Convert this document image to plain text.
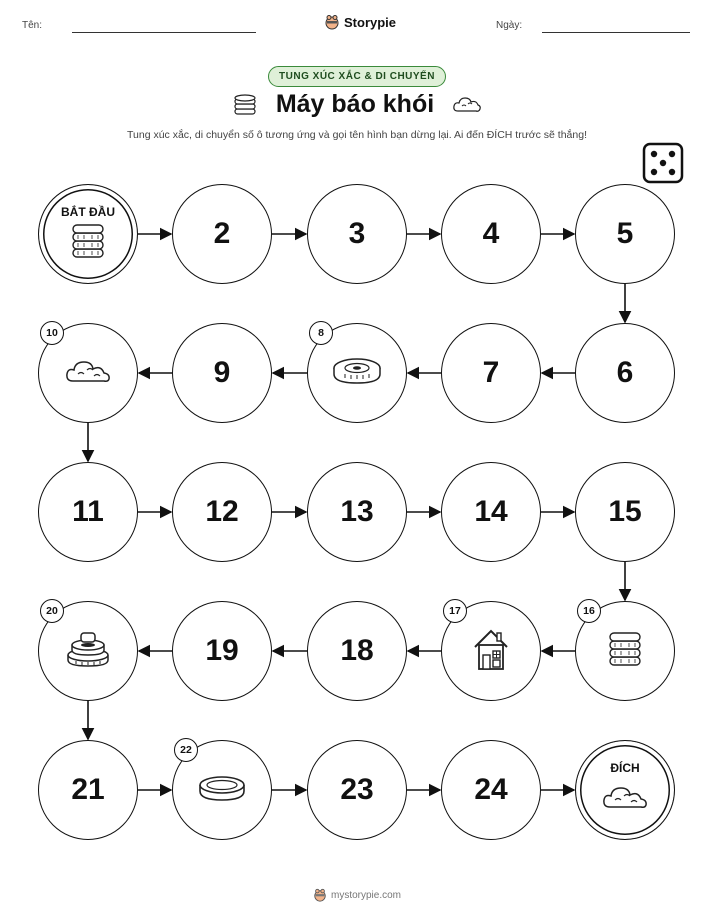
Tên:	Storypie	Ngày:
TUNG XÚC XẮC & DI CHUYỂN
Máy báo khói
Tung xúc xắc, di chuyển số ô tương ứng và gọi tên hình bạn dừng lại. Ai đến ĐÍCH trước sẽ thắng!
BẮT ĐẦU
2	3	4	5
6
7
8
9
10
11	12	13	14	15
16
17
18
19
20
21
22
23	24
ĐÍCH
mystorypie.com
